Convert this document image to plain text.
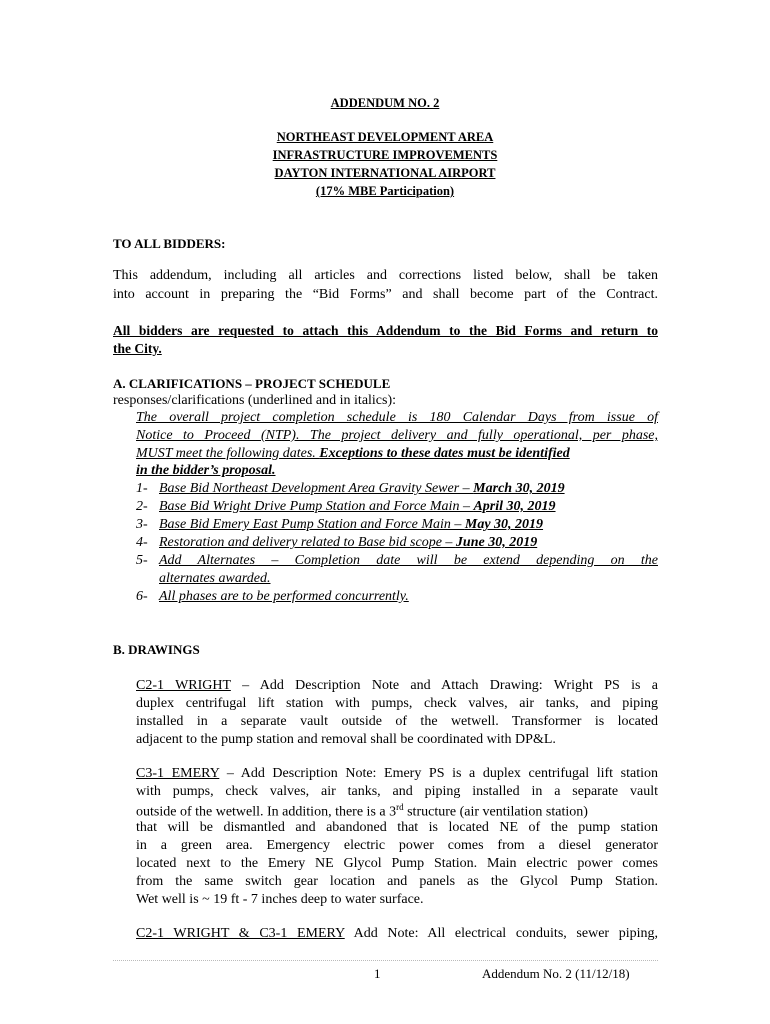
ADDENDUM NO. 2
NORTHEAST DEVELOPMENT AREA
INFRASTRUCTURE IMPROVEMENTS
DAYTON INTERNATIONAL AIRPORT
(17% MBE Participation)
TO ALL BIDDERS:
This addendum, including all articles and corrections listed below, shall be taken
into account in preparing the “Bid Forms” and shall become part of the Contract.
All bidders are requested to attach this Addendum to the Bid Forms and return to
the City.
A. CLARIFICATIONS – PROJECT SCHEDULE
responses/clarifications (underlined and in italics):
The overall project completion schedule is 180 Calendar Days from issue of
Notice to Proceed (NTP). The project delivery and fully operational, per phase,
MUST meet the following dates. Exceptions to these dates must be identified
in the bidder’s proposal.
1- Base Bid Northeast Development Area Gravity Sewer – March 30, 2019
2- Base Bid Wright Drive Pump Station and Force Main – April 30, 2019
3- Base Bid Emery East Pump Station and Force Main – May 30, 2019
4- Restoration and delivery related to Base bid scope – June 30, 2019
5- Add Alternates – Completion date will be extend depending on the
alternates awarded.
6- All phases are to be performed concurrently.
B. DRAWINGS
C2-1 WRIGHT – Add Description Note and Attach Drawing: Wright PS is a
duplex centrifugal lift station with pumps, check valves, air tanks, and piping
installed in a separate vault outside of the wetwell. Transformer is located
adjacent to the pump station and removal shall be coordinated with DP&L.
C3-1 EMERY – Add Description Note: Emery PS is a duplex centrifugal lift station
with pumps, check valves, air tanks, and piping installed in a separate vault
outside of the wetwell. In addition, there is a 3rd structure (air ventilation station)
that will be dismantled and abandoned that is located NE of the pump station
in a green area. Emergency electric power comes from a diesel generator
located next to the Emery NE Glycol Pump Station. Main electric power comes
from the same switch gear location and panels as the Glycol Pump Station.
Wet well is ~ 19 ft - 7 inches deep to water surface.
C2-1 WRIGHT & C3-1 EMERY Add Note: All electrical conduits, sewer piping,
1	Addendum No. 2 (11/12/18)
